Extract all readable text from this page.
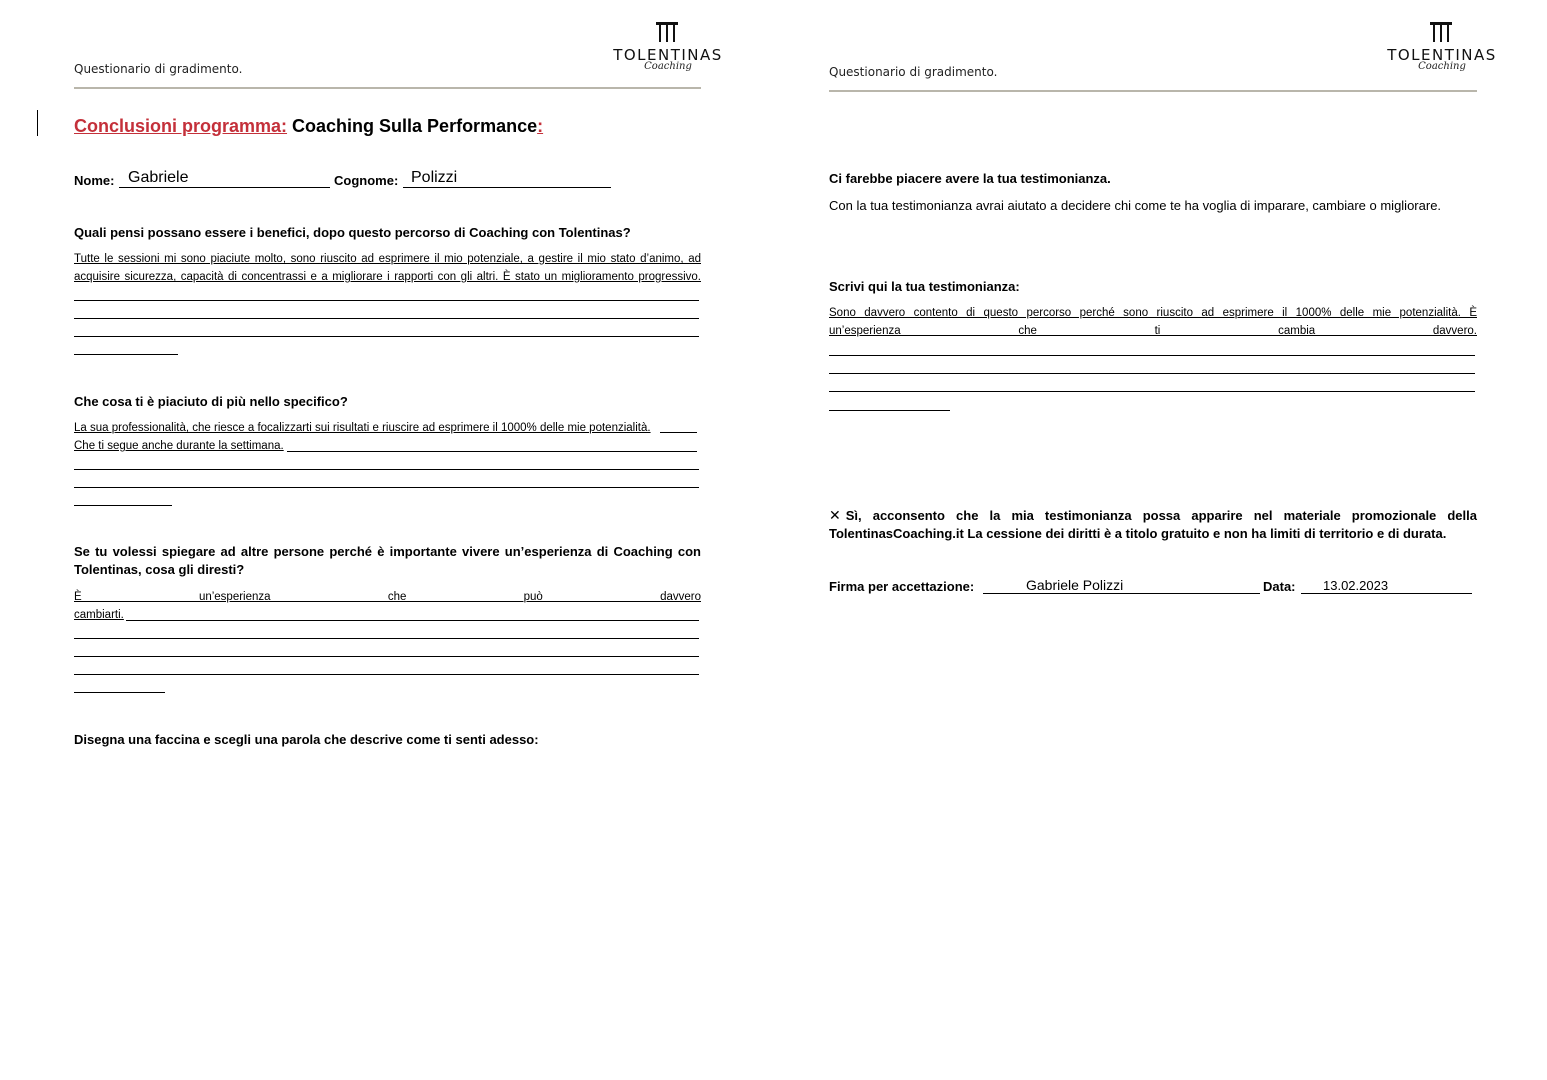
Questionario di gradimento.
TOLENTINAS
Coaching
Conclusioni programma: Coaching Sulla Performance:
Nome: Gabriele	Cognome: Polizzi
Quali pensi possano essere i benefici, dopo questo percorso di Coaching con Tolentinas?
Tutte le sessioni mi sono piaciute molto, sono riuscito ad esprimere il mio potenziale, a gestire il mio stato d’animo, ad acquisire sicurezza, capacità di concentrassi e a migliorare i rapporti con gli altri. È stato un miglioramento progressivo.
Che cosa ti è piaciuto di più nello specifico?
La sua professionalità, che riesce a focalizzarti sui risultati e riuscire ad esprimere il 1000% delle mie potenzialità.
Che ti segue anche durante la settimana.
Se tu volessi spiegare ad altre persone perché è importante vivere un’esperienza di Coaching con Tolentinas, cosa gli diresti?
È un’esperienza che può davvero
cambiarti.
Disegna una faccina e scegli una parola che descrive come ti senti adesso:
Questionario di gradimento.
TOLENTINAS
Coaching
Ci farebbe piacere avere la tua testimonianza.
Con la tua testimonianza avrai aiutato a decidere chi come te ha voglia di imparare, cambiare o migliorare.
Scrivi qui la tua testimonianza:
Sono davvero contento di questo percorso perché sono riuscito ad esprimere il 1000% delle mie potenzialità. È
un’esperienza che ti cambia davvero.
✕ Sì, acconsento che la mia testimonianza possa apparire nel materiale promozionale della TolentinasCoaching.it La cessione dei diritti è a titolo gratuito e non ha limiti di territorio e di durata.
Firma per accettazione:	Gabriele Polizzi	Data: 13.02.2023
